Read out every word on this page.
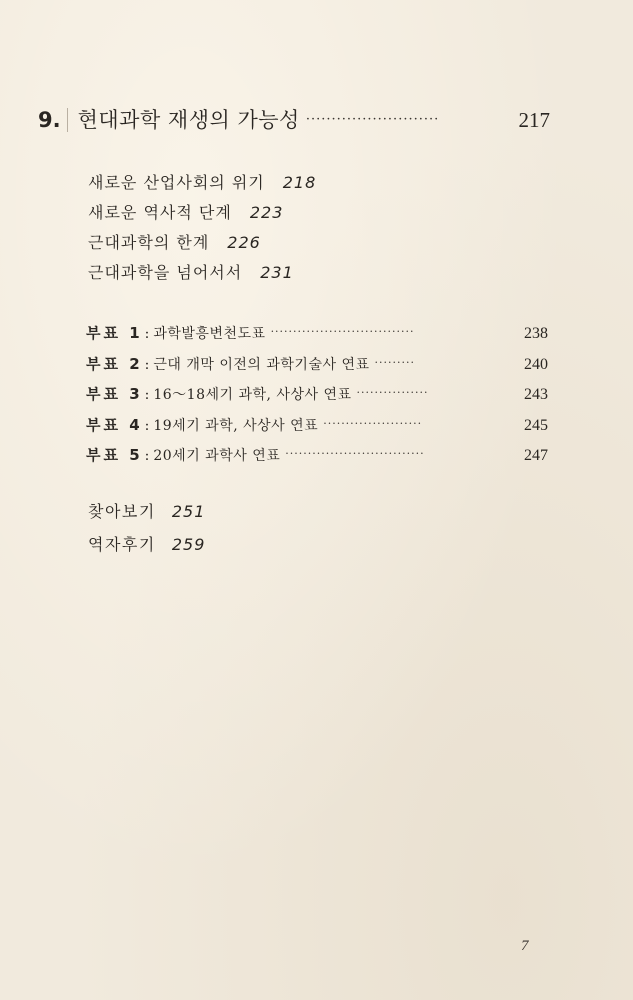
9. 현대과학 재생의 가능성 ··························	217
새로운 산업사회의 위기 218
새로운 역사적 단계 223
근대과학의 한계 226
근대과학을 넘어서서 231
부표 1 : 과학발흥변천도표 ································	238
부표 2 : 근대 개막 이전의 과학기술사 연표 ·········	240
부표 3 : 16～18세기 과학, 사상사 연표 ················	243
부표 4 : 19세기 과학, 사상사 연표 ······················	245
부표 5 : 20세기 과학사 연표 ·······························	247
찾아보기 251
역자후기 259
7
